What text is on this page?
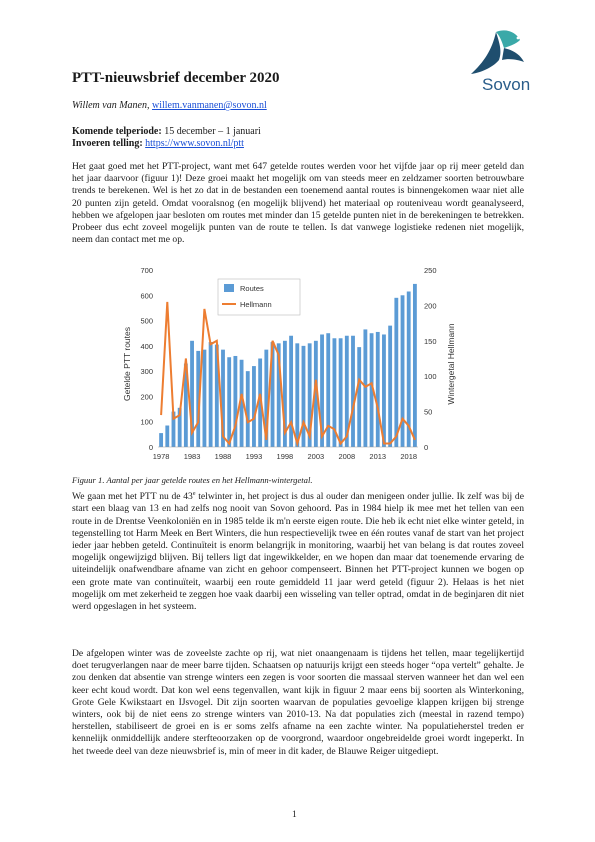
Sovon
PTT-nieuwsbrief december 2020
Willem van Manen, willem.vanmanen@sovon.nl
Komende telperiode: 15 december – 1 januari
Invoeren telling: https://www.sovon.nl/ptt

Het gaat goed met het PTT-project, want met 647 getelde routes werden voor het vijfde jaar op rij meer geteld dan het jaar daarvoor (figuur 1)! Deze groei maakt het mogelijk om van steeds meer en zeldzamer soorten betrouwbare trends te berekenen. Wel is het zo dat in de bestanden een toenemend aantal routes is binnengekomen waar niet alle 20 punten zijn geteld. Omdat vooralsnog (en mogelijk blijvend) het materiaal op routeniveau wordt geanalyseerd, hebben we afgelopen jaar besloten om routes met minder dan 15 getelde punten niet in de berekeningen te betrekken. Probeer dus echt zoveel mogelijk punten van de route te tellen. Is dat vanwege logistieke redenen niet mogelijk, neem dan contact met me op.

0
100
200
300
400
500
600
700
0
50
100
150
200
250
1978 1983 1988 1993 1998 2003 2008 2013 2018
Getelde PTT routes	Wintergetal Hellmann
Routes
Hellmann
Figuur 1. Aantal per jaar getelde routes en het Hellmann-wintergetal.

We gaan met het PTT nu de 43e telwinter in, het project is dus al ouder dan menigeen onder jullie. Ik zelf was bij de start een blaag van 13 en had zelfs nog nooit van Sovon gehoord. Pas in 1984 hielp ik mee met het tellen van een route in de Drentse Veenkoloniën en in 1985 telde ik m'n eerste eigen route. Die heb ik echt niet elke winter geteld, in tegenstelling tot Harm Meek en Bert Winters, die hun respectievelijk twee en één routes vanaf de start van het project ieder jaar hebben geteld. Continuïteit is enorm belangrijk in monitoring, waarbij het van belang is dat routes zoveel mogelijk ongewijzigd blijven. Bij tellers ligt dat ingewikkelder, en we hopen dan maar dat toenemende ervaring de uiteindelijk onafwendbare afname van zicht en gehoor compenseert. Binnen het PTT-project kunnen we bogen op een grote mate van continuïteit, waarbij een route gemiddeld 11 jaar werd geteld (figuur 2). Helaas is het niet mogelijk om met zekerheid te zeggen hoe vaak daarbij een wisseling van teller optrad, omdat in de beginjaren dit niet werd opgeslagen in het systeem.

De afgelopen winter was de zoveelste zachte op rij, wat niet onaangenaam is tijdens het tellen, maar tegelijkertijd doet terugverlangen naar de meer barre tijden. Schaatsen op natuurijs krijgt een steeds hoger “opa vertelt” gehalte. Je zou denken dat absentie van strenge winters een zegen is voor soorten die massaal sterven wanneer het dan wel een keer echt koud wordt. Dat kon wel eens tegenvallen, want kijk in figuur 2 maar eens bij soorten als Winterkoning, Grote Gele Kwikstaart en IJsvogel. Dit zijn soorten waarvan de populaties gevoelige klappen krijgen bij strenge winters, ook bij de niet eens zo strenge winters van 2010-13. Na dat populaties zich (meestal in razend tempo) herstellen, stabiliseert de groei en is er soms zelfs afname na een zachte winter. Na populatieherstel treden er kennelijk onmiddellijk andere sterfteoorzaken op de voorgrond, waardoor ongebreidelde groei wordt ingeperkt. In het tweede deel van deze nieuwsbrief is, min of meer in dit kader, de Blauwe Reiger uitgediept.

1
